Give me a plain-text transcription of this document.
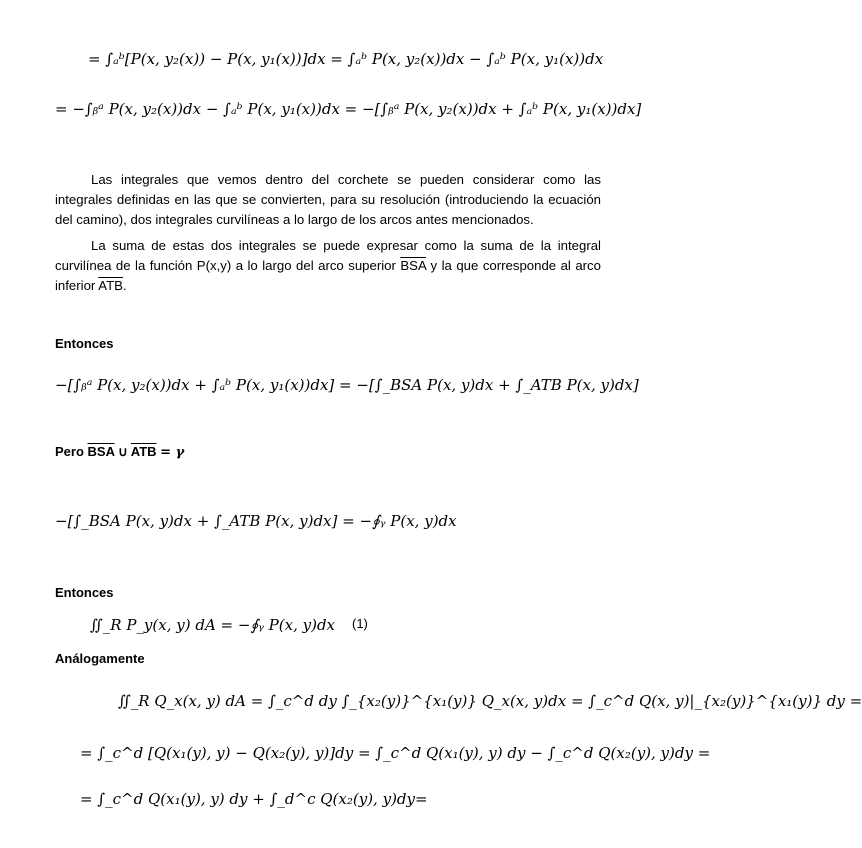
= ∫ₐᵇ[P(x, y₂(x)) − P(x, y₁(x))]dx = ∫ₐᵇ P(x, y₂(x))dx − ∫ₐᵇ P(x, y₁(x))dx
= −∫ᵦᵃ P(x, y₂(x))dx − ∫ₐᵇ P(x, y₁(x))dx = −[∫ᵦᵃ P(x, y₂(x))dx + ∫ₐᵇ P(x, y₁(x))dx]

Las integrales que vemos dentro del corchete se pueden considerar como las integrales definidas en las que se convierten, para su resolución (introduciendo la ecuación del camino), dos integrales curvilíneas a lo largo de los arcos antes mencionados.

La suma de estas dos integrales se puede expresar como la suma de la integral curvilínea de la función P(x,y) a lo largo del arco superior $\overline{BSA}$ y la que corresponde al arco inferior $\overline{ATB}$.

Entonces

−[∫ᵦᵃ P(x, y₂(x))dx + ∫ₐᵇ P(x, y₁(x))dx] = −[∫_BSA P(x, y)dx + ∫_ATB P(x, y)dx]

Pero $\overline{BSA}$ ∪ $\overline{ATB} = \gamma$

−[∫_BSA P(x, y)dx + ∫_ATB P(x, y)dx] = −∮ᵧ P(x, y)dx

Entonces

∬_R P_y(x, y) dA = −∮ᵧ P(x, y)dx (1)

Análogamente

∬_R Q_x(x, y) dA = ∫_c^d dy ∫_{x₂(y)}^{x₁(y)} Q_x(x, y)dx = ∫_c^d Q(x, y)|_{x₂(y)}^{x₁(y)} dy =
= ∫_c^d [Q(x₁(y), y) − Q(x₂(y), y)]dy = ∫_c^d Q(x₁(y), y) dy − ∫_c^d Q(x₂(y), y)dy =
= ∫_c^d Q(x₁(y), y) dy + ∫_d^c Q(x₂(y), y)dy=
